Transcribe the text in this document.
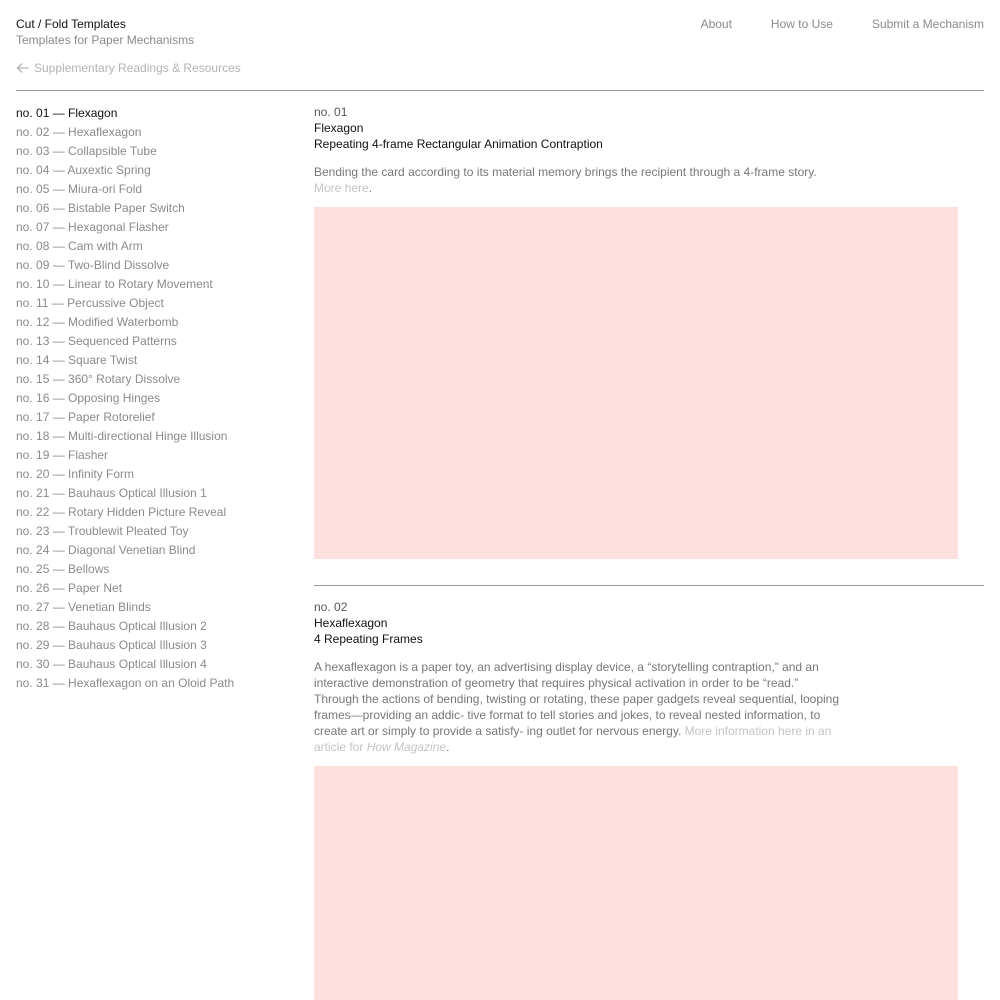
Cut / Fold Templates
Templates for Paper Mechanisms
About	How to Use	Submit a Mechanism
Supplementary Readings & Resources
no. 01 — Flexagon
no. 02 — Hexaflexagon
no. 03 — Collapsible Tube
no. 04 — Auxextic Spring
no. 05 — Miura-ori Fold
no. 06 — Bistable Paper Switch
no. 07 — Hexagonal Flasher
no. 08 — Cam with Arm
no. 09 — Two-Blind Dissolve
no. 10 — Linear to Rotary Movement
no. 11 — Percussive Object
no. 12 — Modified Waterbomb
no. 13 — Sequenced Patterns
no. 14 — Square Twist
no. 15 — 360° Rotary Dissolve
no. 16 — Opposing Hinges
no. 17 — Paper Rotorelief
no. 18 — Multi-directional Hinge Illusion
no. 19 — Flasher
no. 20 — Infinity Form
no. 21 — Bauhaus Optical Illusion 1
no. 22 — Rotary Hidden Picture Reveal
no. 23 — Troublewit Pleated Toy
no. 24 — Diagonal Venetian Blind
no. 25 — Bellows
no. 26 — Paper Net
no. 27 — Venetian Blinds
no. 28 — Bauhaus Optical Illusion 2
no. 29 — Bauhaus Optical Illusion 3
no. 30 — Bauhaus Optical Illusion 4
no. 31 — Hexaflexagon on an Oloid Path
no. 01
Flexagon
Repeating 4-frame Rectangular Animation Contraption

Bending the card according to its material memory brings the recipient through a 4-frame story. More here.

no. 02
Hexaflexagon
4 Repeating Frames

A hexaflexagon is a paper toy, an advertising display device, a “storytelling contraption,” and an interactive demonstration of geometry that requires physical activation in order to be “read.” Through the actions of bending, twisting or rotating, these paper gadgets reveal sequential, looping frames—providing an addic- tive format to tell stories and jokes, to reveal nested information, to create art or simply to provide a satisfy- ing outlet for nervous energy. More information here in an article for How Magazine.
